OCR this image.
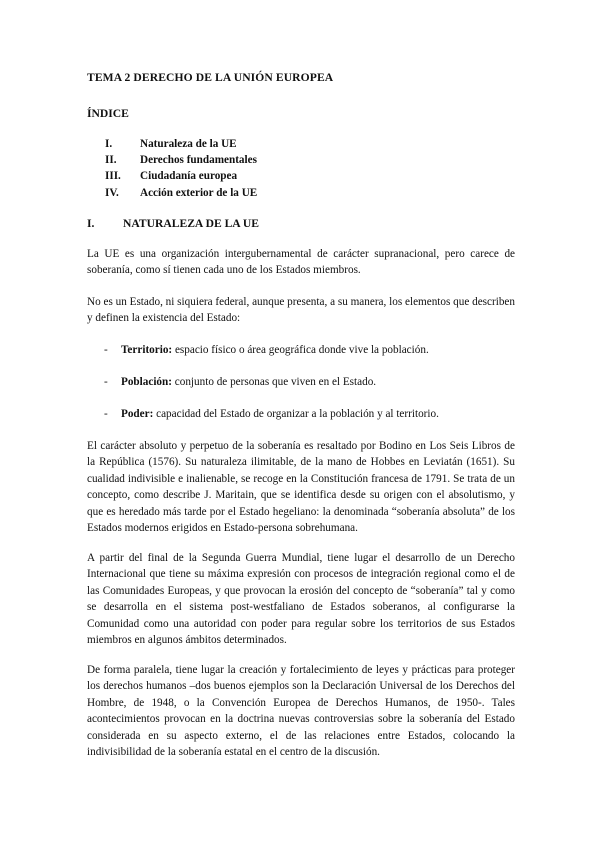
TEMA 2 DERECHO DE LA UNIÓN EUROPEA
ÍNDICE
I. Naturaleza de la UE
II. Derechos fundamentales
III. Ciudadanía europea
IV. Acción exterior de la UE
I. NATURALEZA DE LA UE

La UE es una organización intergubernamental de carácter supranacional, pero carece de soberanía, como sí tienen cada uno de los Estados miembros.

No es un Estado, ni siquiera federal, aunque presenta, a su manera, los elementos que describen y definen la existencia del Estado:

- Territorio: espacio físico o área geográfica donde vive la población.
- Población: conjunto de personas que viven en el Estado.
- Poder: capacidad del Estado de organizar a la población y al territorio.

El carácter absoluto y perpetuo de la soberanía es resaltado por Bodino en Los Seis Libros de la República (1576). Su naturaleza ilimitable, de la mano de Hobbes en Leviatán (1651). Su cualidad indivisible e inalienable, se recoge en la Constitución francesa de 1791. Se trata de un concepto, como describe J. Maritain, que se identifica desde su origen con el absolutismo, y que es heredado más tarde por el Estado hegeliano: la denominada “soberanía absoluta” de los Estados modernos erigidos en Estado-persona sobrehumana.

A partir del final de la Segunda Guerra Mundial, tiene lugar el desarrollo de un Derecho Internacional que tiene su máxima expresión con procesos de integración regional como el de las Comunidades Europeas, y que provocan la erosión del concepto de “soberanía” tal y como se desarrolla en el sistema post-westfaliano de Estados soberanos, al configurarse la Comunidad como una autoridad con poder para regular sobre los territorios de sus Estados miembros en algunos ámbitos determinados.

De forma paralela, tiene lugar la creación y fortalecimiento de leyes y prácticas para proteger los derechos humanos –dos buenos ejemplos son la Declaración Universal de los Derechos del Hombre, de 1948, o la Convención Europea de Derechos Humanos, de 1950-. Tales acontecimientos provocan en la doctrina nuevas controversias sobre la soberanía del Estado considerada en su aspecto externo, el de las relaciones entre Estados, colocando la indivisibilidad de la soberanía estatal en el centro de la discusión.
